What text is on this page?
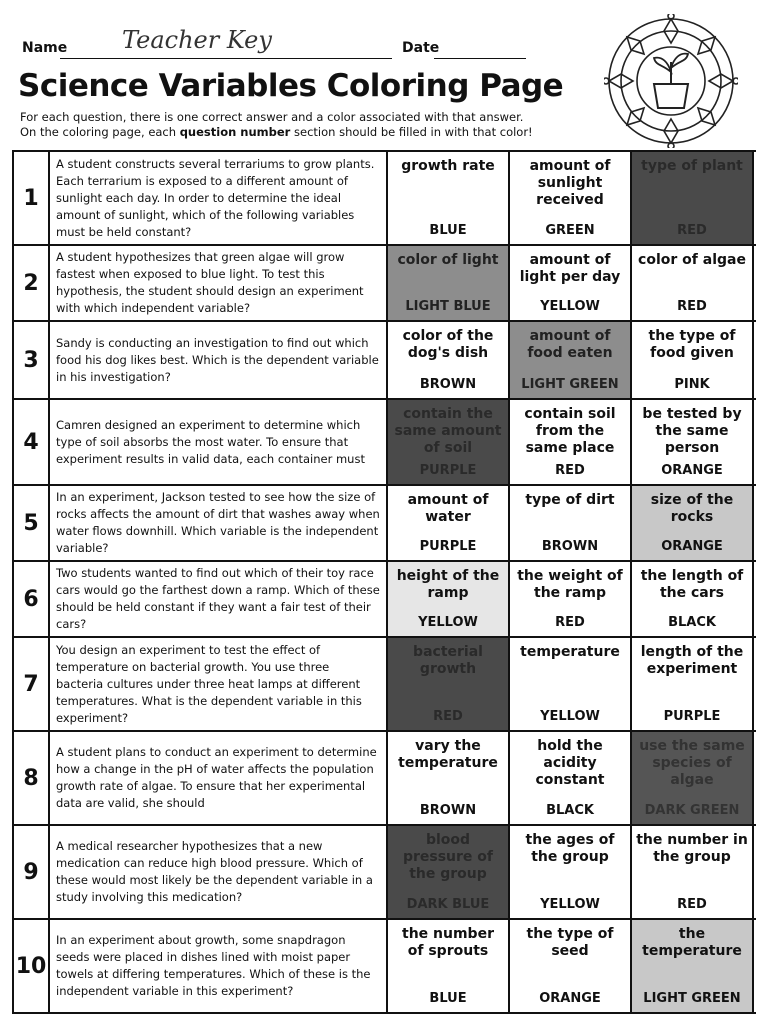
Name Teacher Key	Date
Science Variables Coloring Page
For each question, there is one correct answer and a color associated with that answer.
On the coloring page, each question number section should be filled in with that color!
1
A student constructs several terrariums to grow plants. Each terrarium is exposed to a different amount of sunlight each day. In order to determine the ideal amount of sunlight, which of the following variables must be held constant?
growth rate
BLUE
amount of sunlight received
GREEN
type of plant
RED
2
A student hypothesizes that green algae will grow fastest when exposed to blue light. To test this hypothesis, the student should design an experiment with which independent variable?
color of light
LIGHT BLUE
amount of light per day
YELLOW
color of algae
RED
3
Sandy is conducting an investigation to find out which food his dog likes best. Which is the dependent variable in his investigation?
color of the dog's dish
BROWN
amount of food eaten
LIGHT GREEN
the type of food given
PINK
4
Camren designed an experiment to determine which type of soil absorbs the most water. To ensure that experiment results in valid data, each container must
contain the same amount of soil
PURPLE
contain soil from the same place
RED
be tested by the same person
ORANGE
5
In an experiment, Jackson tested to see how the size of rocks affects the amount of dirt that washes away when water flows downhill. Which variable is the independent variable?
amount of water
PURPLE
type of dirt
BROWN
size of the rocks
ORANGE
6
Two students wanted to find out which of their toy race cars would go the farthest down a ramp. Which of these should be held constant if they want a fair test of their cars?
height of the ramp
YELLOW
the weight of the ramp
RED
the length of the cars
BLACK
7
You design an experiment to test the effect of temperature on bacterial growth. You use three bacteria cultures under three heat lamps at different temperatures. What is the dependent variable in this experiment?
bacterial growth
RED
temperature
YELLOW
length of the experiment
PURPLE
8
A student plans to conduct an experiment to determine how a change in the pH of water affects the population growth rate of algae. To ensure that her experimental data are valid, she should
vary the temperature
BROWN
hold the acidity constant
BLACK
use the same species of algae
DARK GREEN
9
A medical researcher hypothesizes that a new medication can reduce high blood pressure. Which of these would most likely be the dependent variable in a study involving this medication?
blood pressure of the group
DARK BLUE
the ages of the group
YELLOW
the number in the group
RED
10
In an experiment about growth, some snapdragon seeds were placed in dishes lined with moist paper towels at differing temperatures. Which of these is the independent variable in this experiment?
the number of sprouts
BLUE
the type of seed
ORANGE
the temperature
LIGHT GREEN
